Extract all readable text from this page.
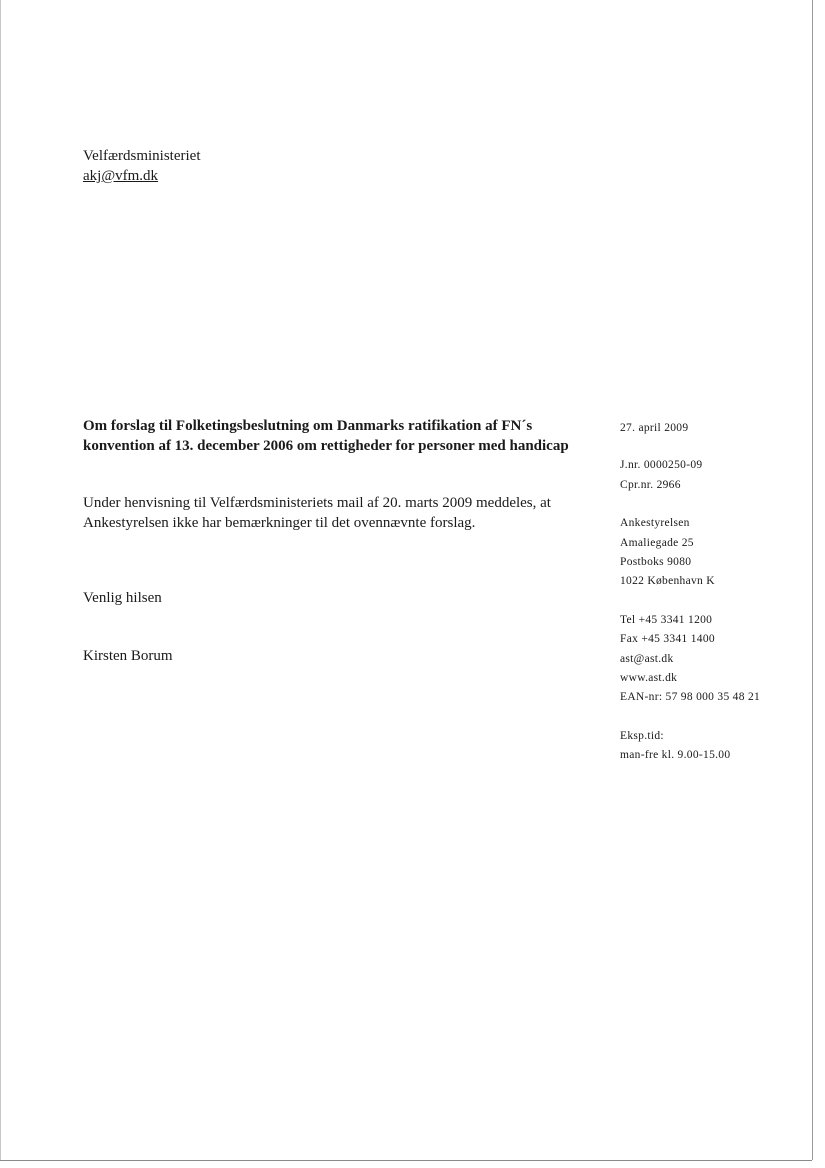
Velfærdsministeriet
akj@vfm.dk
Om forslag til Folketingsbeslutning om Danmarks ratifikation af FN´s
konvention af 13. december 2006 om rettigheder for personer med handicap
Under henvisning til Velfærdsministeriets mail af 20. marts 2009 meddeles, at
Ankestyrelsen ikke har bemærkninger til det ovennævnte forslag.
Venlig hilsen
Kirsten Borum
27. april 2009
J.nr. 0000250-09
Cpr.nr. 2966
Ankestyrelsen
Amaliegade 25
Postboks 9080
1022 København K
Tel +45 3341 1200
Fax +45 3341 1400
ast@ast.dk
www.ast.dk
EAN-nr: 57 98 000 35 48 21
Eksp.tid:
man-fre kl. 9.00-15.00
